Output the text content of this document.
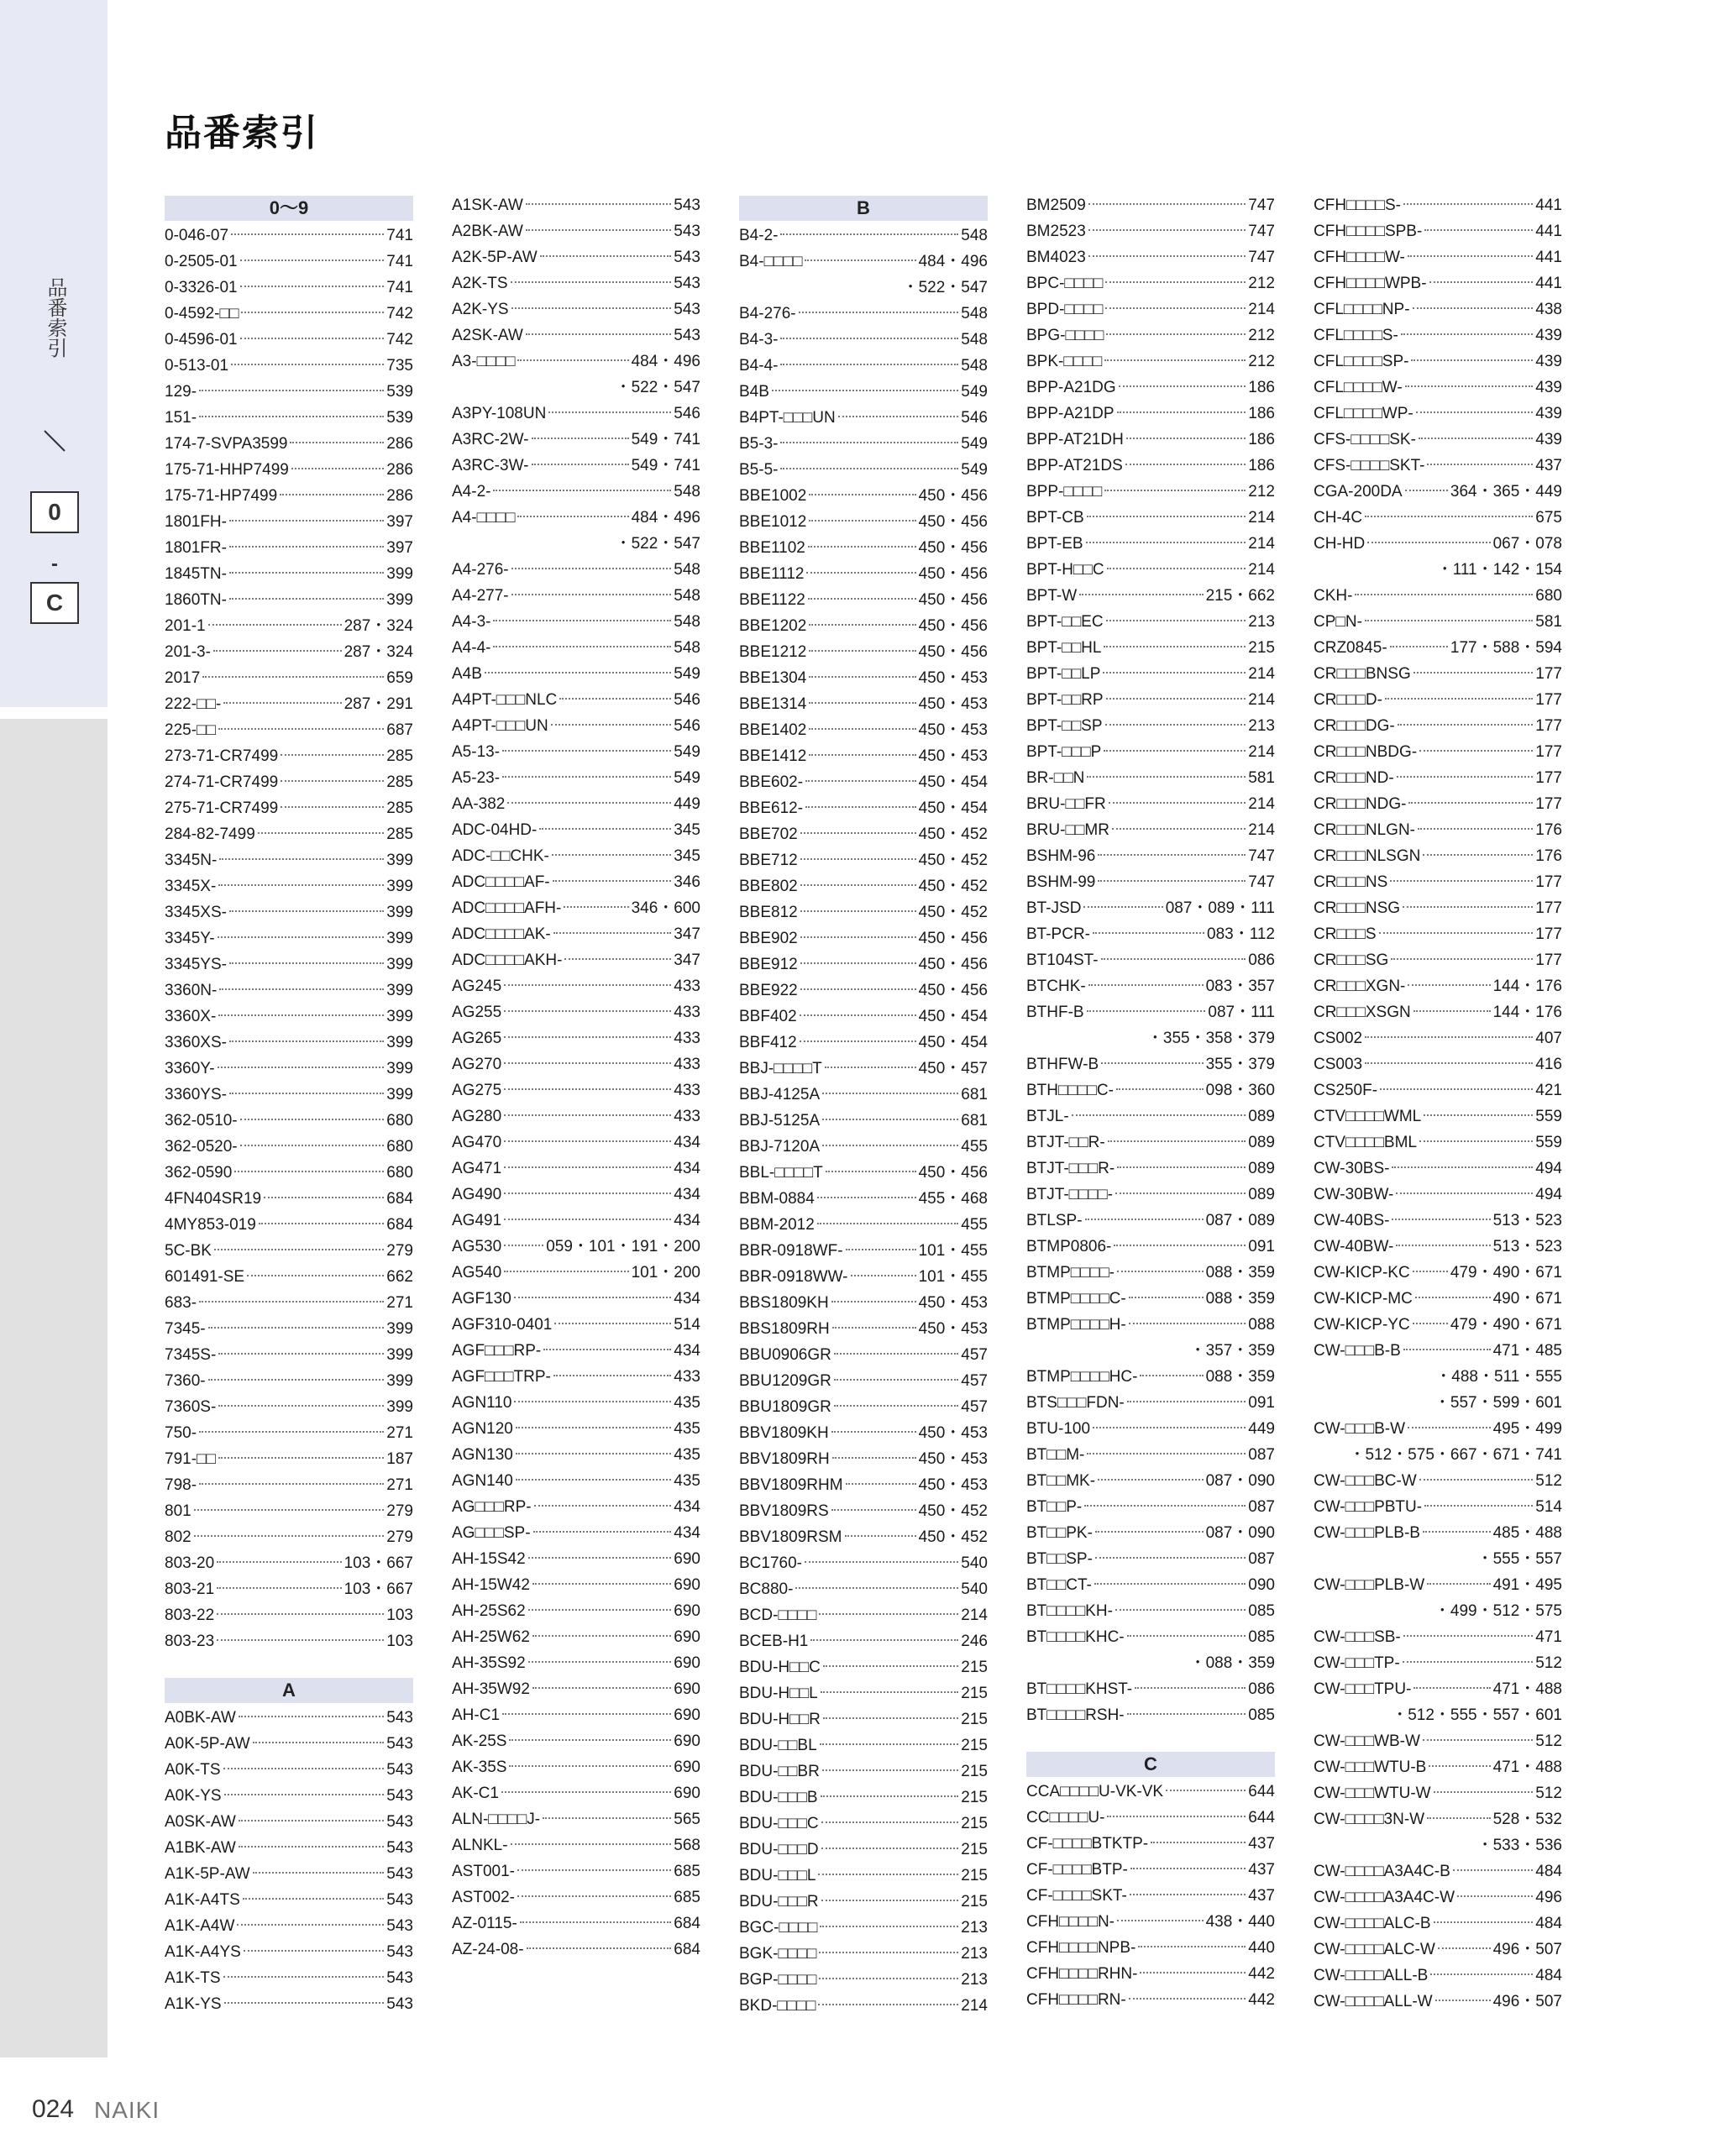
品番索引
0
-
C
品番索引
0～9
0-046-07	741
0-2505-01	741
0-3326-01	741
0-4592-□□	742
0-4596-01	742
0-513-01	735
129-	539
151-	539
174-7-SVPA3599	286
175-71-HHP7499	286
175-71-HP7499	286
1801FH-	397
1801FR-	397
1845TN-	399
1860TN-	399
201-1	287・324
201-3-	287・324
2017	659
222-□□-	287・291
225-□□	687
273-71-CR7499	285
274-71-CR7499	285
275-71-CR7499	285
284-82-7499	285
3345N-	399
3345X-	399
3345XS-	399
3345Y-	399
3345YS-	399
3360N-	399
3360X-	399
3360XS-	399
3360Y-	399
3360YS-	399
362-0510-	680
362-0520-	680
362-0590	680
4FN404SR19	684
4MY853-019	684
5C-BK	279
601491-SE	662
683-	271
7345-	399
7345S-	399
7360-	399
7360S-	399
750-	271
791-□□	187
798-	271
801	279
802	279
803-20	103・667
803-21	103・667
803-22	103
803-23	103
A
A0BK-AW	543
A0K-5P-AW	543
A0K-TS	543
A0K-YS	543
A0SK-AW	543
A1BK-AW	543
A1K-5P-AW	543
A1K-A4TS	543
A1K-A4W	543
A1K-A4YS	543
A1K-TS	543
A1K-YS	543
A1SK-AW	543
A2BK-AW	543
A2K-5P-AW	543
A2K-TS	543
A2K-YS	543
A2SK-AW	543
A3-□□□□	484・496
・522・547
A3PY-108UN	546
A3RC-2W-	549・741
A3RC-3W-	549・741
A4-2-	548
A4-□□□□	484・496
・522・547
A4-276-	548
A4-277-	548
A4-3-	548
A4-4-	548
A4B	549
A4PT-□□□NLC	546
A4PT-□□□UN	546
A5-13-	549
A5-23-	549
AA-382	449
ADC-04HD-	345
ADC-□□CHK-	345
ADC□□□□AF-	346
ADC□□□□AFH-	346・600
ADC□□□□AK-	347
ADC□□□□AKH-	347
AG245	433
AG255	433
AG265	433
AG270	433
AG275	433
AG280	433
AG470	434
AG471	434
AG490	434
AG491	434
AG530	059・101・191・200
AG540	101・200
AGF130	434
AGF310-0401	514
AGF□□□RP-	434
AGF□□□TRP-	433
AGN110	435
AGN120	435
AGN130	435
AGN140	435
AG□□□RP-	434
AG□□□SP-	434
AH-15S42	690
AH-15W42	690
AH-25S62	690
AH-25W62	690
AH-35S92	690
AH-35W92	690
AH-C1	690
AK-25S	690
AK-35S	690
AK-C1	690
ALN-□□□□J-	565
ALNKL-	568
AST001-	685
AST002-	685
AZ-0115-	684
AZ-24-08-	684
B
B4-2-	548
B4-□□□□	484・496
・522・547
B4-276-	548
B4-3-	548
B4-4-	548
B4B	549
B4PT-□□□UN	546
B5-3-	549
B5-5-	549
BBE1002	450・456
BBE1012	450・456
BBE1102	450・456
BBE1112	450・456
BBE1122	450・456
BBE1202	450・456
BBE1212	450・456
BBE1304	450・453
BBE1314	450・453
BBE1402	450・453
BBE1412	450・453
BBE602-	450・454
BBE612-	450・454
BBE702	450・452
BBE712	450・452
BBE802	450・452
BBE812	450・452
BBE902	450・456
BBE912	450・456
BBE922	450・456
BBF402	450・454
BBF412	450・454
BBJ-□□□□T	450・457
BBJ-4125A	681
BBJ-5125A	681
BBJ-7120A	455
BBL-□□□□T	450・456
BBM-0884	455・468
BBM-2012	455
BBR-0918WF-	101・455
BBR-0918WW-	101・455
BBS1809KH	450・453
BBS1809RH	450・453
BBU0906GR	457
BBU1209GR	457
BBU1809GR	457
BBV1809KH	450・453
BBV1809RH	450・453
BBV1809RHM	450・453
BBV1809RS	450・452
BBV1809RSM	450・452
BC1760-	540
BC880-	540
BCD-□□□□	214
BCEB-H1	246
BDU-H□□C	215
BDU-H□□L	215
BDU-H□□R	215
BDU-□□BL	215
BDU-□□BR	215
BDU-□□□B	215
BDU-□□□C	215
BDU-□□□D	215
BDU-□□□L	215
BDU-□□□R	215
BGC-□□□□	213
BGK-□□□□	213
BGP-□□□□	213
BKD-□□□□	214
BM2509	747
BM2523	747
BM4023	747
BPC-□□□□	212
BPD-□□□□	214
BPG-□□□□	212
BPK-□□□□	212
BPP-A21DG	186
BPP-A21DP	186
BPP-AT21DH	186
BPP-AT21DS	186
BPP-□□□□	212
BPT-CB	214
BPT-EB	214
BPT-H□□C	214
BPT-W	215・662
BPT-□□EC	213
BPT-□□HL	215
BPT-□□LP	214
BPT-□□RP	214
BPT-□□SP	213
BPT-□□□P	214
BR-□□N	581
BRU-□□FR	214
BRU-□□MR	214
BSHM-96	747
BSHM-99	747
BT-JSD	087・089・111
BT-PCR-	083・112
BT104ST-	086
BTCHK-	083・357
BTHF-B	087・111
・355・358・379
BTHFW-B	355・379
BTH□□□□C-	098・360
BTJL-	089
BTJT-□□R-	089
BTJT-□□□R-	089
BTJT-□□□□-	089
BTLSP-	087・089
BTMP0806-	091
BTMP□□□□-	088・359
BTMP□□□□C-	088・359
BTMP□□□□H-	088
・357・359
BTMP□□□□HC-	088・359
BTS□□□FDN-	091
BTU-100	449
BT□□M-	087
BT□□MK-	087・090
BT□□P-	087
BT□□PK-	087・090
BT□□SP-	087
BT□□CT-	090
BT□□□□KH-	085
BT□□□□KHC-	085
・088・359
BT□□□□KHST-	086
BT□□□□RSH-	085
C
CCA□□□□U-VK-VK	644
CC□□□□U-	644
CF-□□□□BTKTP-	437
CF-□□□□BTP-	437
CF-□□□□SKT-	437
CFH□□□□N-	438・440
CFH□□□□NPB-	440
CFH□□□□RHN-	442
CFH□□□□RN-	442
CFH□□□□S-	441
CFH□□□□SPB-	441
CFH□□□□W-	441
CFH□□□□WPB-	441
CFL□□□□NP-	438
CFL□□□□S-	439
CFL□□□□SP-	439
CFL□□□□W-	439
CFL□□□□WP-	439
CFS-□□□□SK-	439
CFS-□□□□SKT-	437
CGA-200DA	364・365・449
CH-4C	675
CH-HD	067・078
・111・142・154
CKH-	680
CP□N-	581
CRZ0845-	177・588・594
CR□□□BNSG	177
CR□□□D-	177
CR□□□DG-	177
CR□□□NBDG-	177
CR□□□ND-	177
CR□□□NDG-	177
CR□□□NLGN-	176
CR□□□NLSGN	176
CR□□□NS	177
CR□□□NSG	177
CR□□□S	177
CR□□□SG	177
CR□□□XGN-	144・176
CR□□□XSGN	144・176
CS002	407
CS003	416
CS250F-	421
CTV□□□□WML	559
CTV□□□□BML	559
CW-30BS-	494
CW-30BW-	494
CW-40BS-	513・523
CW-40BW-	513・523
CW-KICP-KC	479・490・671
CW-KICP-MC	490・671
CW-KICP-YC	479・490・671
CW-□□□B-B	471・485
・488・511・555
・557・599・601
CW-□□□B-W	495・499
・512・575・667・671・741
CW-□□□BC-W	512
CW-□□□PBTU-	514
CW-□□□PLB-B	485・488
・555・557
CW-□□□PLB-W	491・495
・499・512・575
CW-□□□SB-	471
CW-□□□TP-	512
CW-□□□TPU-	471・488
・512・555・557・601
CW-□□□WB-W	512
CW-□□□WTU-B	471・488
CW-□□□WTU-W	512
CW-□□□□3N-W	528・532
・533・536
CW-□□□□A3A4C-B	484
CW-□□□□A3A4C-W	496
CW-□□□□ALC-B	484
CW-□□□□ALC-W	496・507
CW-□□□□ALL-B	484
CW-□□□□ALL-W	496・507
024 NAIKI
